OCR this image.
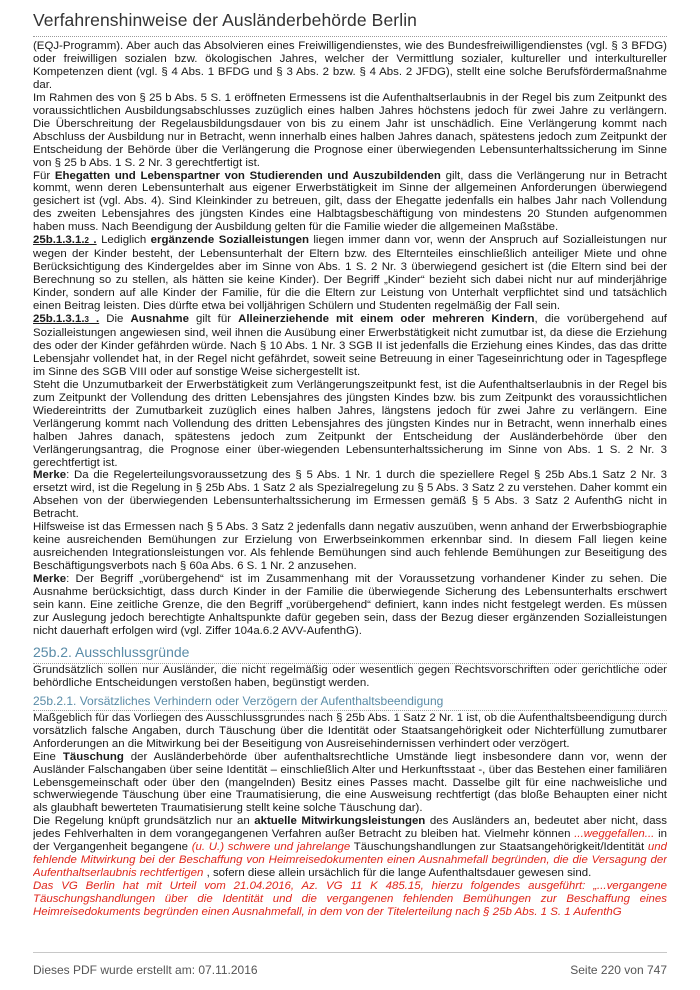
Verfahrenshinweise der Ausländerbehörde Berlin

(EQJ-Programm). Aber auch das Absolvieren eines Freiwilligendienstes, wie des Bundesfreiwilligendienstes (vgl. § 3 BFDG) oder freiwilligen sozialen bzw. ökologischen Jahres, welcher der Vermittlung sozialer, kultureller und interkultureller Kompetenzen dient (vgl. § 4 Abs. 1 BFDG und § 3 Abs. 2 bzw. § 4 Abs. 2 JFDG), stellt eine solche Berufsfördermaßnahme dar.

Im Rahmen des von § 25 b Abs. 5 S. 1 eröffneten Ermessens ist die Aufenthaltserlaubnis in der Regel bis zum Zeitpunkt des voraussichtlichen Ausbildungsabschlusses zuzüglich eines halben Jahres höchstens jedoch für zwei Jahre zu verlängern. Die Überschreitung der Regelausbildungsdauer von bis zu einem Jahr ist unschädlich. Eine Verlängerung kommt nach Abschluss der Ausbildung nur in Betracht, wenn innerhalb eines halben Jahres danach, spätestens jedoch zum Zeitpunkt der Entscheidung der Behörde über die Verlängerung die Prognose einer überwiegenden Lebensunterhaltssicherung im Sinne von § 25 b Abs. 1 S. 2 Nr. 3 gerechtfertigt ist.

Für Ehegatten und Lebenspartner von Studierenden und Auszubildenden gilt, dass die Verlängerung nur in Betracht kommt, wenn deren Lebensunterhalt aus eigener Erwerbstätigkeit im Sinne der allgemeinen Anforderungen überwiegend gesichert ist (vgl. Abs. 4). Sind Kleinkinder zu betreuen, gilt, dass der Ehegatte jedenfalls ein halbes Jahr nach Vollendung des zweiten Lebensjahres des jüngsten Kindes eine Halbtagsbeschäftigung von mindestens 20 Stunden aufgenommen haben muss. Nach Beendigung der Ausbildung gelten für die Familie wieder die allgemeinen Maßstäbe.

25b.1.3.1.2 . Lediglich ergänzende Sozialleistungen liegen immer dann vor, wenn der Anspruch auf Sozialleistungen nur wegen der Kinder besteht, der Lebensunterhalt der Eltern bzw. des Elternteiles einschließlich anteiliger Miete und ohne Berücksichtigung des Kindergeldes aber im Sinne von Abs. 1 S. 2 Nr. 3 überwiegend gesichert ist (die Eltern sind bei der Berechnung so zu stellen, als hätten sie keine Kinder). Der Begriff „Kinder“ bezieht sich dabei nicht nur auf minderjährige Kinder, sondern auf alle Kinder der Familie, für die die Eltern zur Leistung von Unterhalt verpflichtet sind und tatsächlich einen Beitrag leisten. Dies dürfte etwa bei volljährigen Schülern und Studenten regelmäßig der Fall sein.

25b.1.3.1.3 . Die Ausnahme gilt für Alleinerziehende mit einem oder mehreren Kindern, die vorübergehend auf Sozialleistungen angewiesen sind, weil ihnen die Ausübung einer Erwerbstätigkeit nicht zumutbar ist, da diese die Erziehung des oder der Kinder gefährden würde. Nach § 10 Abs. 1 Nr. 3 SGB II ist jedenfalls die Erziehung eines Kindes, das das dritte Lebensjahr vollendet hat, in der Regel nicht gefährdet, soweit seine Betreuung in einer Tageseinrichtung oder in Tagespflege im Sinne des SGB VIII oder auf sonstige Weise sichergestellt ist.

Steht die Unzumutbarkeit der Erwerbstätigkeit zum Verlängerungszeitpunkt fest, ist die Aufenthaltserlaubnis in der Regel bis zum Zeitpunkt der Vollendung des dritten Lebensjahres des jüngsten Kindes bzw. bis zum Zeitpunkt des voraussichtlichen Wiedereintritts der Zumutbarkeit zuzüglich eines halben Jahres, längstens jedoch für zwei Jahre zu verlängern. Eine Verlängerung kommt nach Vollendung des dritten Lebensjahres des jüngsten Kindes nur in Betracht, wenn innerhalb eines halben Jahres danach, spätestens jedoch zum Zeitpunkt der Entscheidung der Ausländerbehörde über den Verlängerungsantrag, die Prognose einer über-wiegenden Lebensunterhaltssicherung im Sinne von Abs. 1 S. 2 Nr. 3 gerechtfertigt ist.

Merke: Da die Regelerteilungsvoraussetzung des § 5 Abs. 1 Nr. 1 durch die speziellere Regel § 25b Abs.1 Satz 2 Nr. 3 ersetzt wird, ist die Regelung in § 25b Abs. 1 Satz 2 als Spezialregelung zu § 5 Abs. 3 Satz 2 zu verstehen. Daher kommt ein Absehen von der überwiegenden Lebensunterhaltssicherung im Ermessen gemäß § 5 Abs. 3 Satz 2 AufenthG nicht in Betracht.

Hilfsweise ist das Ermessen nach § 5 Abs. 3 Satz 2 jedenfalls dann negativ auszuüben, wenn anhand der Erwerbsbiographie keine ausreichenden Bemühungen zur Erzielung von Erwerbseinkommen erkennbar sind. In diesem Fall liegen keine ausreichenden Integrationsleistungen vor. Als fehlende Bemühungen sind auch fehlende Bemühungen zur Beseitigung des Beschäftigungsverbots nach § 60a Abs. 6 S. 1 Nr. 2 anzusehen.

Merke: Der Begriff „vorübergehend“ ist im Zusammenhang mit der Voraussetzung vorhandener Kinder zu sehen. Die Ausnahme berücksichtigt, dass durch Kinder in der Familie die überwiegende Sicherung des Lebensunterhalts erschwert sein kann. Eine zeitliche Grenze, die den Begriff „vorübergehend“ definiert, kann indes nicht festgelegt werden. Es müssen zur Auslegung jedoch berechtigte Anhaltspunkte dafür gegeben sein, dass der Bezug dieser ergänzenden Sozialleistungen nicht dauerhaft erfolgen wird (vgl. Ziffer 104a.6.2 AVV-AufenthG).

25b.2. Ausschlussgründe

Grundsätzlich sollen nur Ausländer, die nicht regelmäßig oder wesentlich gegen Rechtsvorschriften oder gerichtliche oder behördliche Entscheidungen verstoßen haben, begünstigt werden.

25b.2.1. Vorsätzliches Verhindern oder Verzögern der Aufenthaltsbeendigung

Maßgeblich für das Vorliegen des Ausschlussgrundes nach § 25b Abs. 1 Satz 2 Nr. 1 ist, ob die Aufenthaltsbeendigung durch vorsätzlich falsche Angaben, durch Täuschung über die Identität oder Staatsangehörigkeit oder Nichterfüllung zumutbarer Anforderungen an die Mitwirkung bei der Beseitigung von Ausreisehindernissen verhindert oder verzögert.

Eine Täuschung der Ausländerbehörde über aufenthaltsrechtliche Umstände liegt insbesondere dann vor, wenn der Ausländer Falschangaben über seine Identität – einschließlich Alter und Herkunftsstaat -, über das Bestehen einer familiären Lebensgemeinschaft oder über den (mangelnden) Besitz eines Passes macht. Dasselbe gilt für eine nachweisliche und schwerwiegende Täuschung über eine Traumatisierung, die eine Ausweisung rechtfertigt (das bloße Behaupten einer nicht als glaubhaft bewerteten Traumatisierung stellt keine solche Täuschung dar).

Die Regelung knüpft grundsätzlich nur an aktuelle Mitwirkungsleistungen des Ausländers an, bedeutet aber nicht, dass jedes Fehlverhalten in dem vorangegangenen Verfahren außer Betracht zu bleiben hat. Vielmehr können ...weggefallen... in der Vergangenheit begangene (u. U.) schwere und jahrelange Täuschungshandlungen zur Staatsangehörigkeit/Identität und fehlende Mitwirkung bei der Beschaffung von Heimreisedokumenten einen Ausnahmefall begründen, die die Versagung der Aufenthaltserlaubnis rechtfertigen , sofern diese allein ursächlich für die lange Aufenthaltsdauer gewesen sind.

Das VG Berlin hat mit Urteil vom 21.04.2016, Az. VG 11 K 485.15, hierzu folgendes ausgeführt: „...vergangene Täuschungshandlungen über die Identität und die vergangenen fehlenden Bemühungen zur Beschaffung eines Heimreisedokuments begründen einen Ausnahmefall, in dem von der Titelerteilung nach § 25b Abs. 1 S. 1 AufenthG

Dieses PDF wurde erstellt am: 07.11.2016	Seite 220 von 747
